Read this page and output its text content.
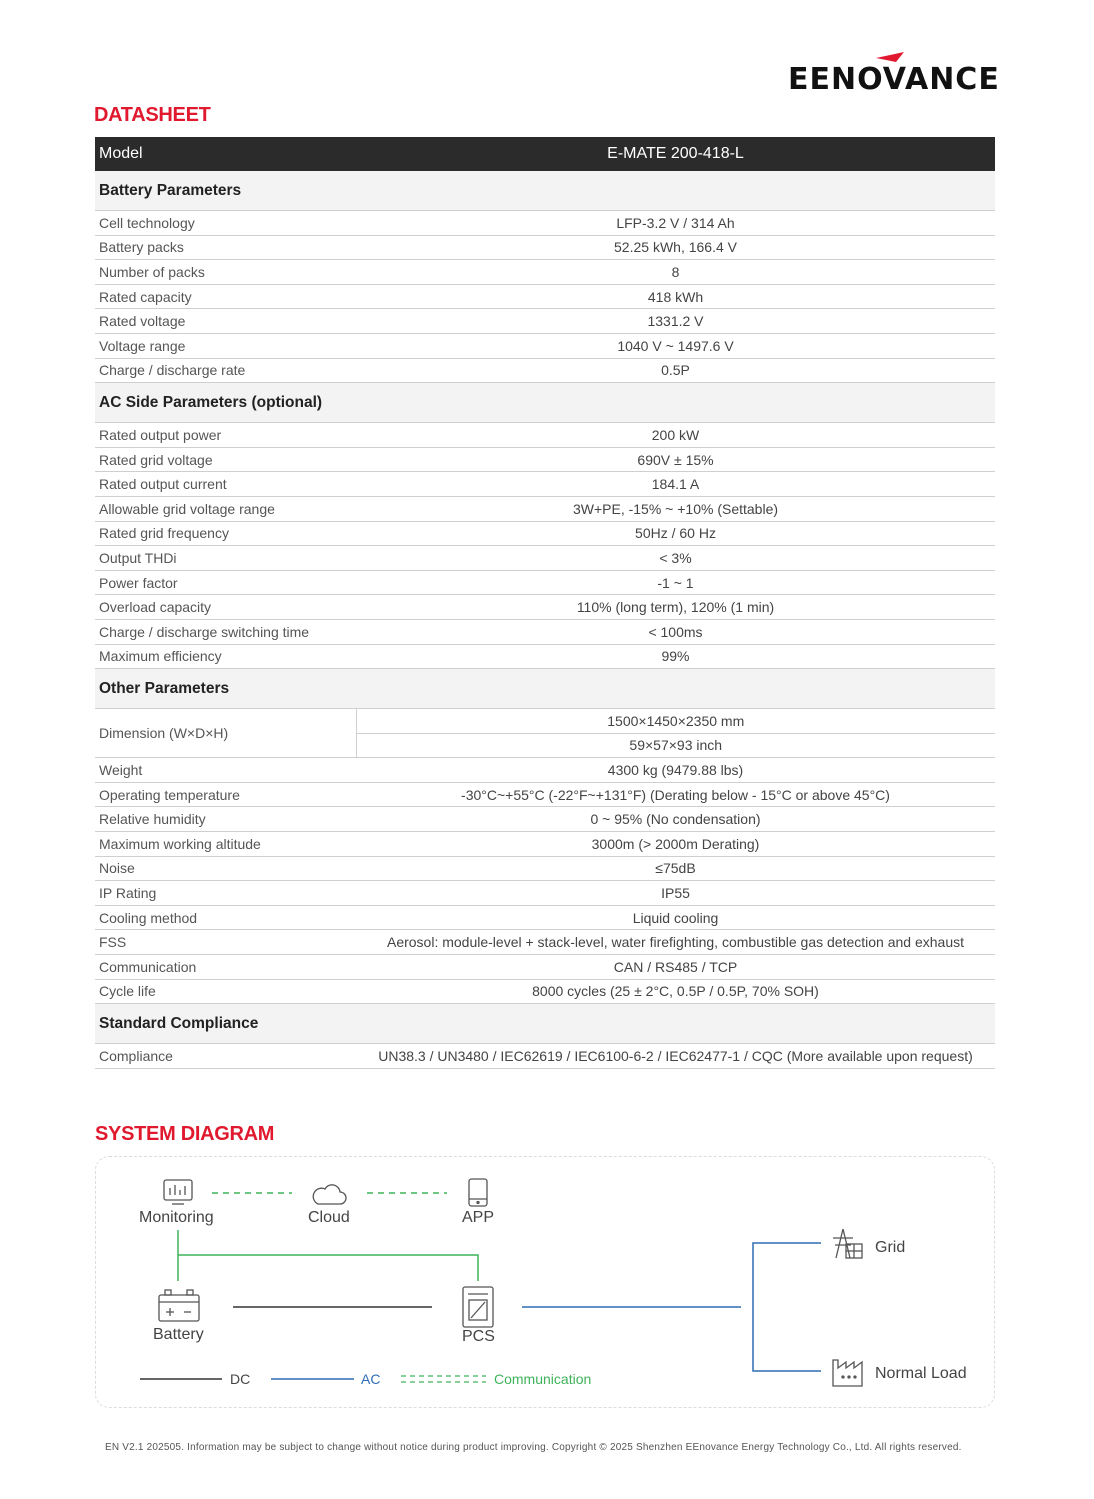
EENOVANCE
DATASHEET
Model	E-MATE 200-418-L
Battery Parameters	
Cell technology	LFP-3.2 V / 314 Ah
Battery packs	52.25 kWh, 166.4 V
Number of packs	8
Rated capacity	418 kWh
Rated voltage	1331.2 V
Voltage range	1040 V ~ 1497.6 V
Charge / discharge rate	0.5P
AC Side Parameters (optional)	
Rated output power	200 kW
Rated grid voltage	690V ± 15%
Rated output current	184.1 A
Allowable grid voltage range	3W+PE, -15% ~ +10% (Settable)
Rated grid frequency	50Hz / 60 Hz
Output THDi	< 3%
Power factor	-1 ~ 1
Overload capacity	110% (long term), 120% (1 min)
Charge / discharge switching time	< 100ms
Maximum efficiency	99%
Other Parameters	
Dimension (W×D×H)	1500×1450×2350 mm
	59×57×93 inch
Weight	4300 kg (9479.88 lbs)
Operating temperature	-30°C~+55°C (-22°F~+131°F) (Derating below - 15°C or above 45°C)
Relative humidity	0 ~ 95% (No condensation)
Maximum working altitude	3000m (> 2000m Derating)
Noise	≤75dB
IP Rating	IP55
Cooling method	Liquid cooling
FSS	Aerosol: module-level + stack-level, water firefighting, combustible gas detection and exhaust
Communication	CAN / RS485 / TCP
Cycle life	8000 cycles (25 ± 2°C, 0.5P / 0.5P, 70% SOH)
Standard Compliance	
Compliance	UN38.3 / UN3480 / IEC62619 / IEC6100-6-2 / IEC62477-1 / CQC (More available upon request)
SYSTEM DIAGRAM
Monitoring	Cloud	APP
Battery	PCS
Grid
Normal Load
DC	AC	Communication
EN V2.1 202505. Information may be subject to change without notice during product improving. Copyright © 2025 Shenzhen EEnovance Energy Technology Co., Ltd. All rights reserved.
